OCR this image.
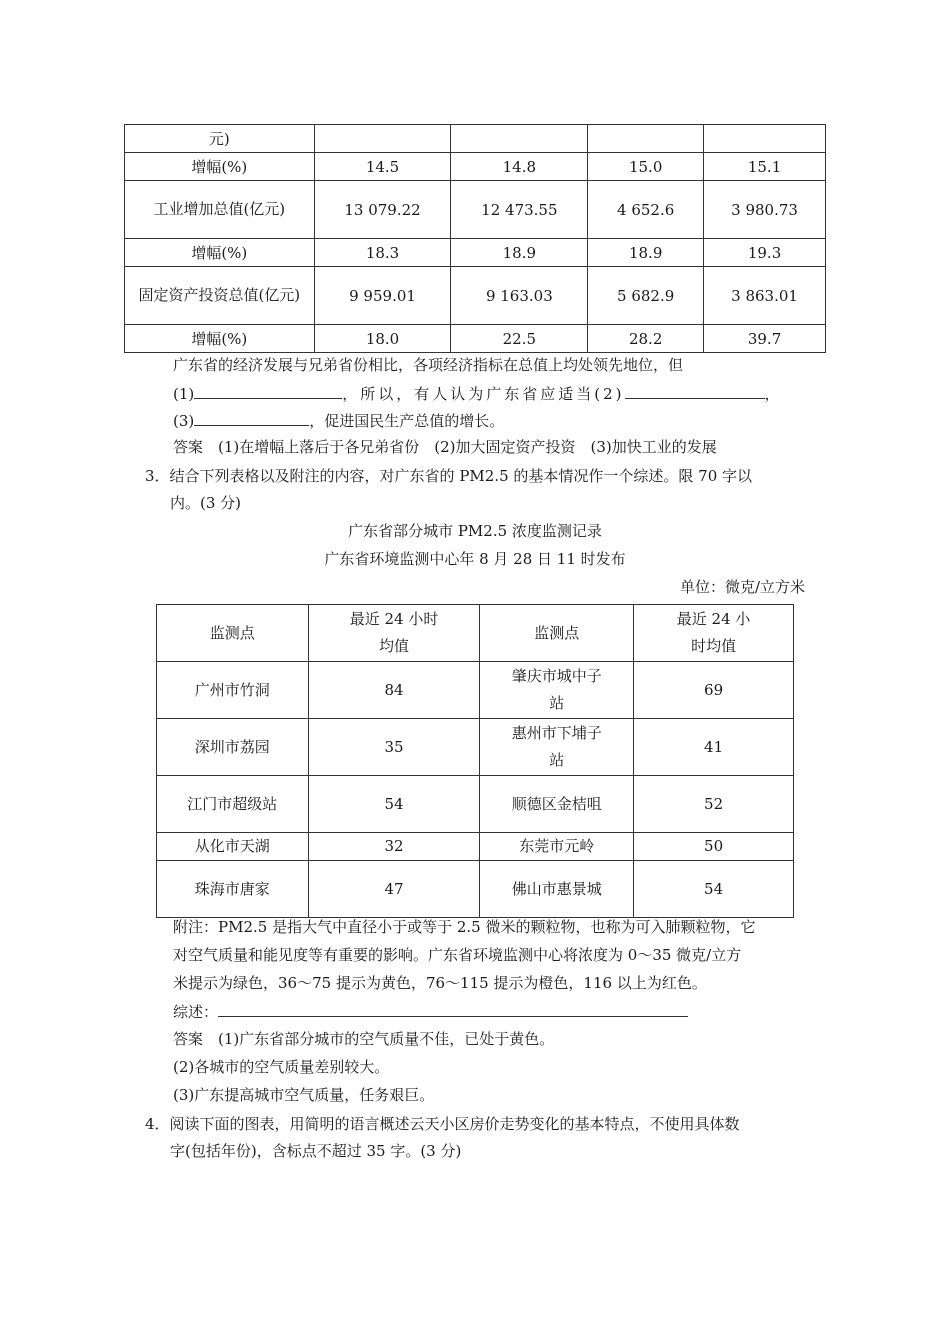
元)				
增幅(%)	14.5	14.8	15.0	15.1
工业增加总值(亿元)	13 079.22	12 473.55	4 652.6	3 980.73
增幅(%)	18.3	18.9	18.9	19.3
固定资产投资总值(亿元)	9 959.01	9 163.03	5 682.9	3 863.01
增幅(%)	18.0	22.5	28.2	39.7
广东省的经济发展与兄弟省份相比，各项经济指标在总值上均处领先地位，但
(1)	，所以，有人认为广东省应适当(2)	，
(3)	，促进国民生产总值的增长。
答案　(1)在增幅上落后于各兄弟省份　(2)加大固定资产投资　(3)加快工业的发展
3．结合下列表格以及附注的内容，对广东省的 PM2.5 的基本情况作一个综述。限 70 字以
内。(3 分)
广东省部分城市 PM2.5 浓度监测记录
广东省环境监测中心年 8 月 28 日 11 时发布
单位：微克/立方米
监测点	最近 24 小时均值	监测点	最近 24 小时均值
广州市竹洞	84	肇庆市城中子站	69
深圳市荔园	35	惠州市下埔子站	41
江门市超级站	54	顺德区金桔咀	52
从化市天湖	32	东莞市元岭	50
珠海市唐家	47	佛山市惠景城	54
附注：PM2.5 是指大气中直径小于或等于 2.5 微米的颗粒物，也称为可入肺颗粒物，它
对空气质量和能见度等有重要的影响。广东省环境监测中心将浓度为 0～35 微克/立方
米提示为绿色，36～75 提示为黄色，76～115 提示为橙色，116 以上为红色。
综述：
答案　(1)广东省部分城市的空气质量不佳，已处于黄色。
(2)各城市的空气质量差别较大。
(3)广东提高城市空气质量，任务艰巨。
4．阅读下面的图表，用简明的语言概述云天小区房价走势变化的基本特点，不使用具体数
字(包括年份)，含标点不超过 35 字。(3 分)
